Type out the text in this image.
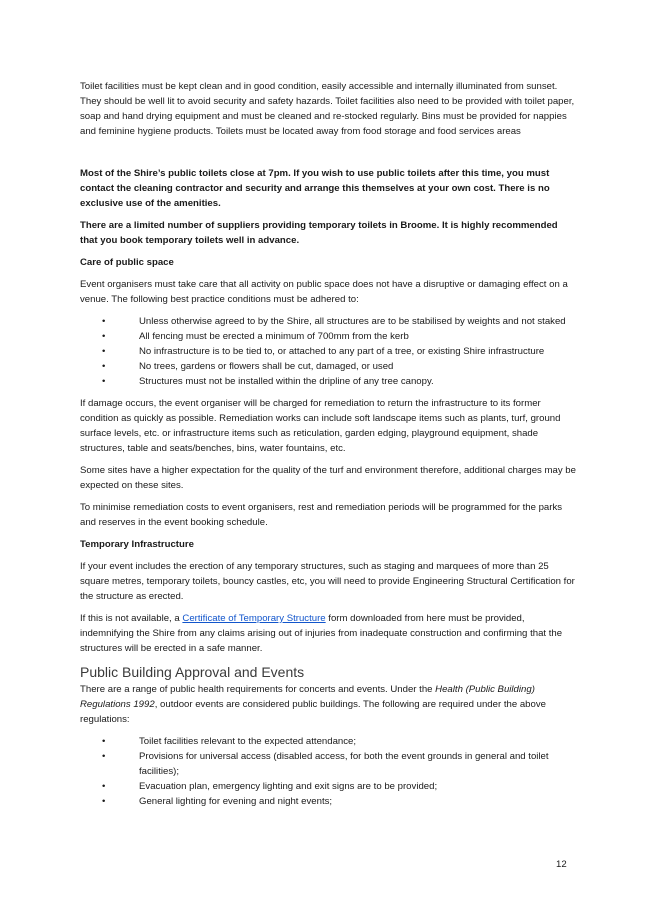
Toilet facilities must be kept clean and in good condition, easily accessible and internally illuminated from sunset. They should be well lit to avoid security and safety hazards. Toilet facilities also need to be provided with toilet paper, soap and hand drying equipment and must be cleaned and re-stocked regularly. Bins must be provided for nappies and feminine hygiene products. Toilets must be located away from food storage and food services areas

Most of the Shire’s public toilets close at 7pm. If you wish to use public toilets after this time, you must contact the cleaning contractor and security and arrange this themselves at your own cost. There is no exclusive use of the amenities.

There are a limited number of suppliers providing temporary toilets in Broome. It is highly recommended that you book temporary toilets well in advance.

Care of public space

Event organisers must take care that all activity on public space does not have a disruptive or damaging effect on a venue. The following best practice conditions must be adhered to:

•	Unless otherwise agreed to by the Shire, all structures are to be stabilised by weights and not staked
•	All fencing must be erected a minimum of 700mm from the kerb
•	No infrastructure is to be tied to, or attached to any part of a tree, or existing Shire infrastructure
•	No trees, gardens or flowers shall be cut, damaged, or used
•	Structures must not be installed within the dripline of any tree canopy.

If damage occurs, the event organiser will be charged for remediation to return the infrastructure to its former condition as quickly as possible. Remediation works can include soft landscape items such as plants, turf, ground surface levels, etc. or infrastructure items such as reticulation, garden edging, playground equipment, shade structures, table and seats/benches, bins, water fountains, etc.

Some sites have a higher expectation for the quality of the turf and environment therefore, additional charges may be expected on these sites.

To minimise remediation costs to event organisers, rest and remediation periods will be programmed for the parks and reserves in the event booking schedule.

Temporary Infrastructure

If your event includes the erection of any temporary structures, such as staging and marquees of more than 25 square metres, temporary toilets, bouncy castles, etc, you will need to provide Engineering Structural Certification for the structure as erected.

If this is not available, a Certificate of Temporary Structure form downloaded from here must be provided, indemnifying the Shire from any claims arising out of injuries from inadequate construction and confirming that the structures will be erected in a safe manner.

Public Building Approval and Events

There are a range of public health requirements for concerts and events. Under the Health (Public Building) Regulations 1992, outdoor events are considered public buildings. The following are required under the above regulations:

•	Toilet facilities relevant to the expected attendance;
•	Provisions for universal access (disabled access, for both the event grounds in general and toilet facilities);
•	Evacuation plan, emergency lighting and exit signs are to be provided;
•	General lighting for evening and night events;
12
